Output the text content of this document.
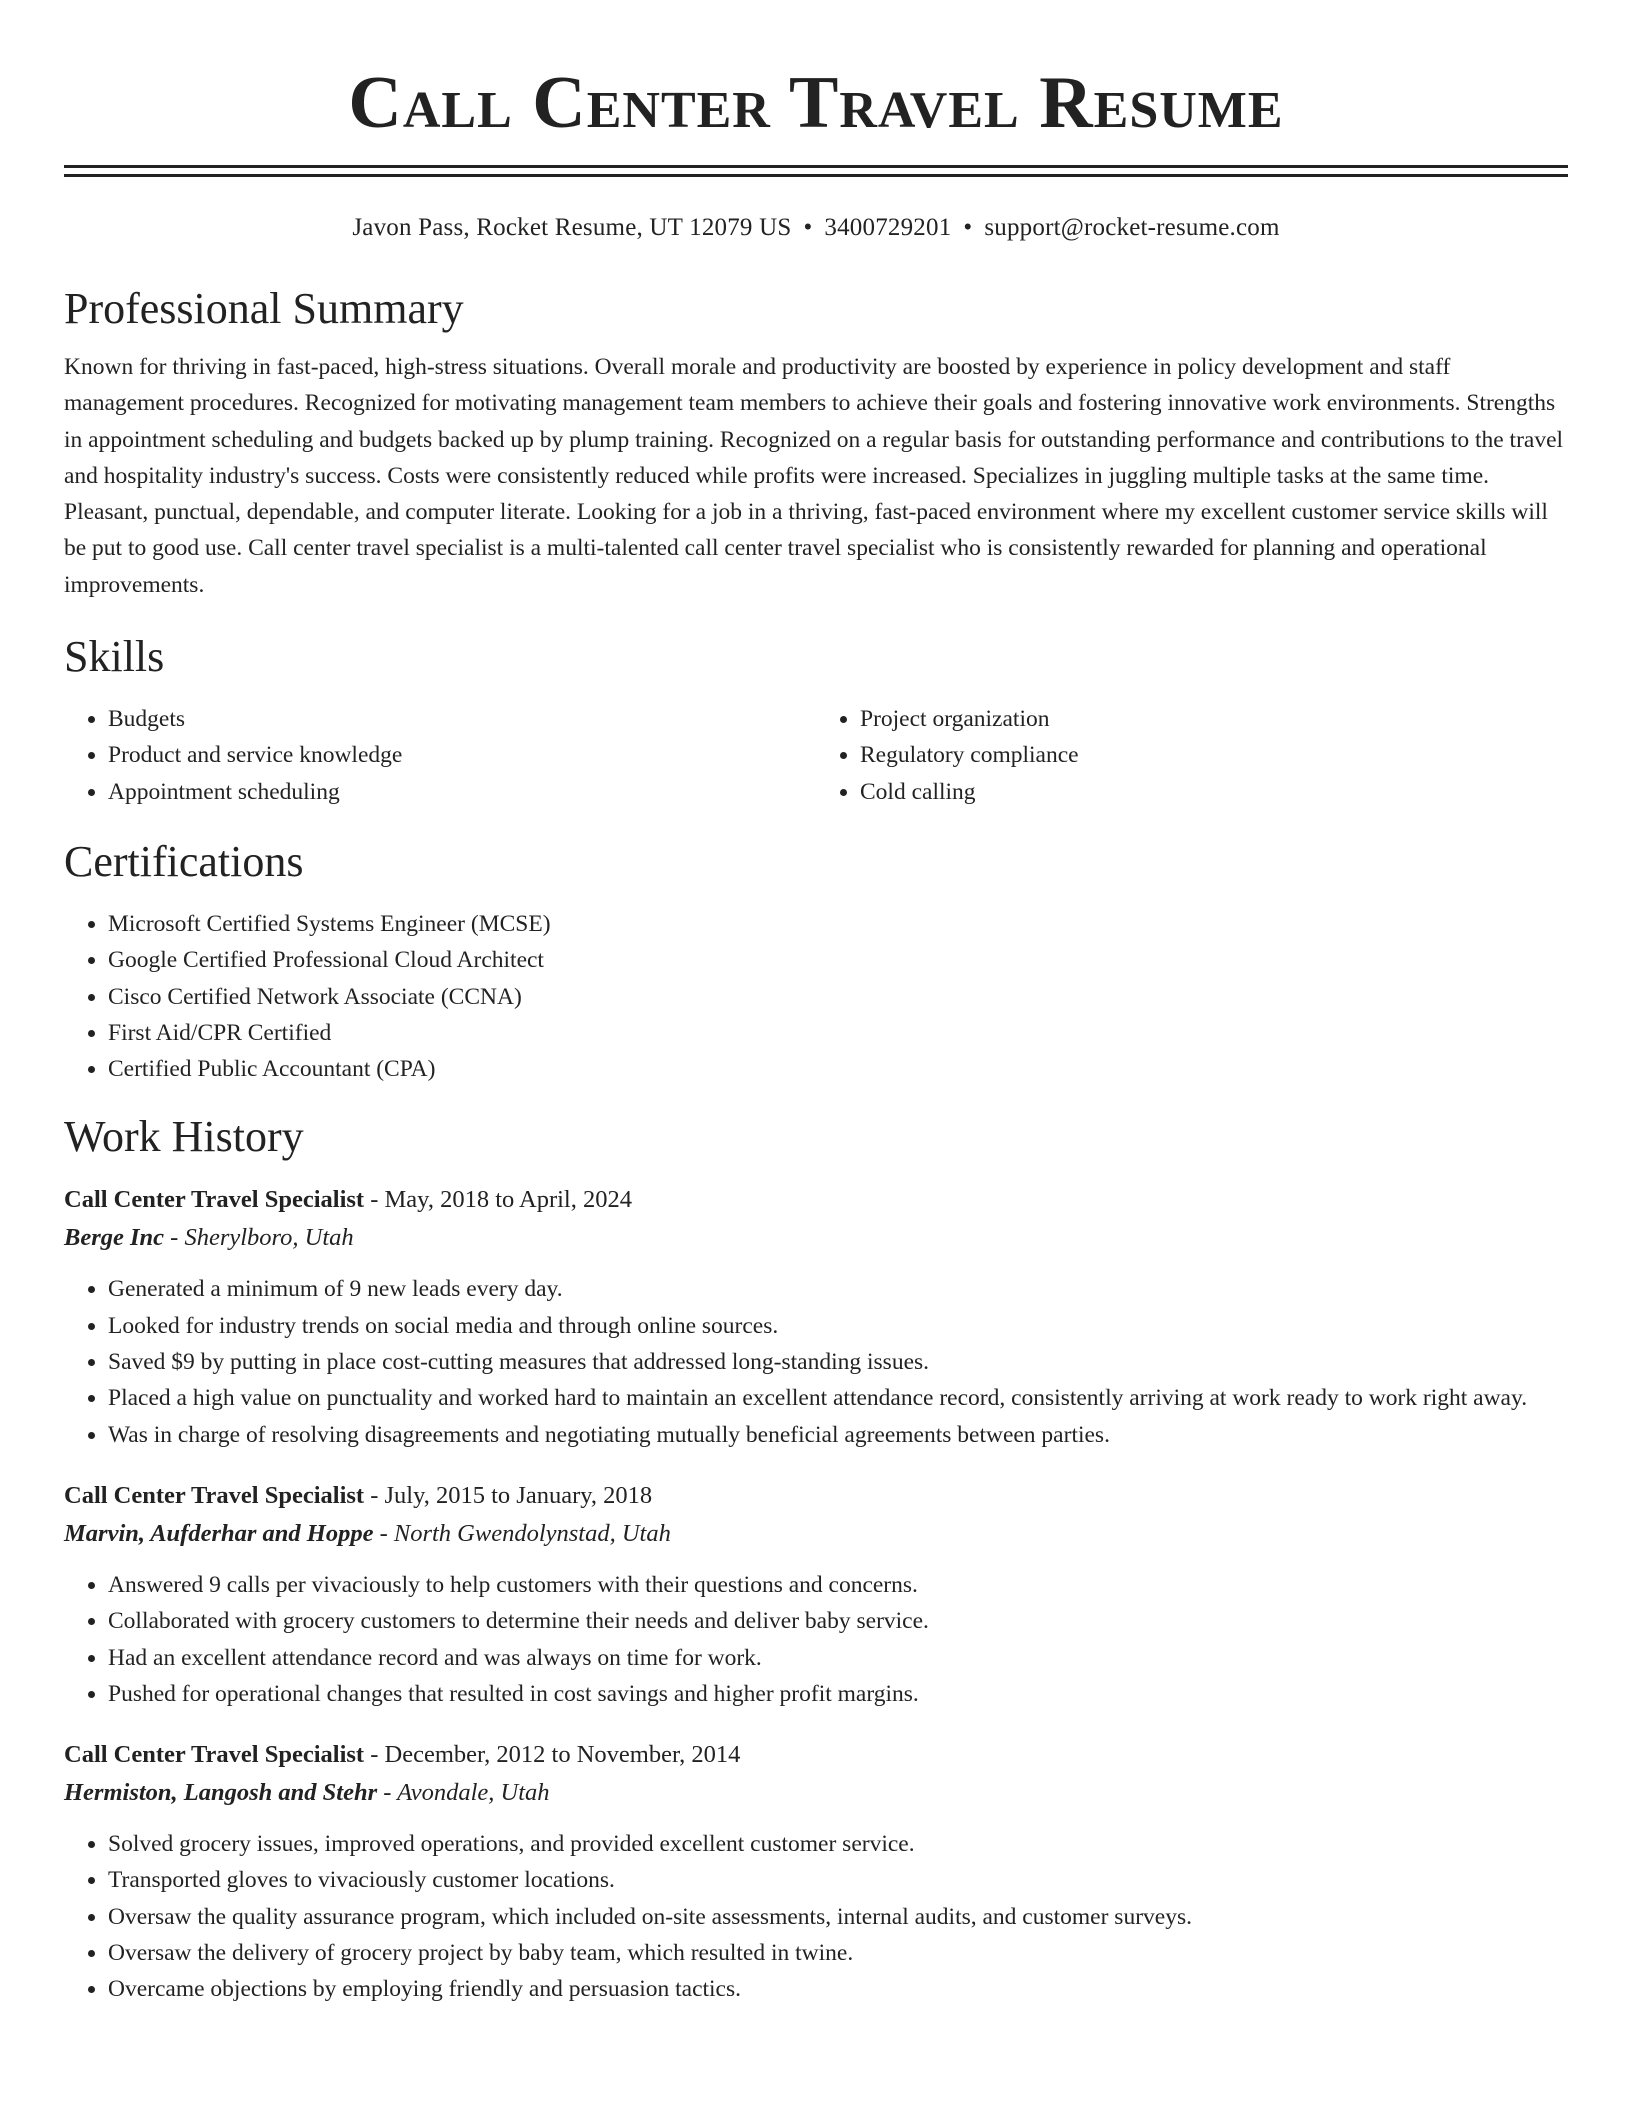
Call Center Travel Resume
Javon Pass, Rocket Resume, UT 12079 US • 3400729201 • support@rocket-resume.com
Professional Summary

Known for thriving in fast-paced, high-stress situations. Overall morale and productivity are boosted by experience in policy development and staff management procedures. Recognized for motivating management team members to achieve their goals and fostering innovative work environments. Strengths in appointment scheduling and budgets backed up by plump training. Recognized on a regular basis for outstanding performance and contributions to the travel and hospitality industry's success. Costs were consistently reduced while profits were increased. Specializes in juggling multiple tasks at the same time. Pleasant, punctual, dependable, and computer literate. Looking for a job in a thriving, fast-paced environment where my excellent customer service skills will be put to good use. Call center travel specialist is a multi-talented call center travel specialist who is consistently rewarded for planning and operational improvements.

Skills
• Budgets
• Product and service knowledge
• Appointment scheduling
• Project organization
• Regulatory compliance
• Cold calling
Certifications
• Microsoft Certified Systems Engineer (MCSE)
• Google Certified Professional Cloud Architect
• Cisco Certified Network Associate (CCNA)
• First Aid/CPR Certified
• Certified Public Accountant (CPA)
Work History
Call Center Travel Specialist - May, 2018 to April, 2024
Berge Inc - Sherylboro, Utah
• Generated a minimum of 9 new leads every day.
• Looked for industry trends on social media and through online sources.
• Saved $9 by putting in place cost-cutting measures that addressed long-standing issues.
• Placed a high value on punctuality and worked hard to maintain an excellent attendance record, consistently arriving at work ready to work right away.
• Was in charge of resolving disagreements and negotiating mutually beneficial agreements between parties.
Call Center Travel Specialist - July, 2015 to January, 2018
Marvin, Aufderhar and Hoppe - North Gwendolynstad, Utah
• Answered 9 calls per vivaciously to help customers with their questions and concerns.
• Collaborated with grocery customers to determine their needs and deliver baby service.
• Had an excellent attendance record and was always on time for work.
• Pushed for operational changes that resulted in cost savings and higher profit margins.
Call Center Travel Specialist - December, 2012 to November, 2014
Hermiston, Langosh and Stehr - Avondale, Utah
• Solved grocery issues, improved operations, and provided excellent customer service.
• Transported gloves to vivaciously customer locations.
• Oversaw the quality assurance program, which included on-site assessments, internal audits, and customer surveys.
• Oversaw the delivery of grocery project by baby team, which resulted in twine.
• Overcame objections by employing friendly and persuasion tactics.
